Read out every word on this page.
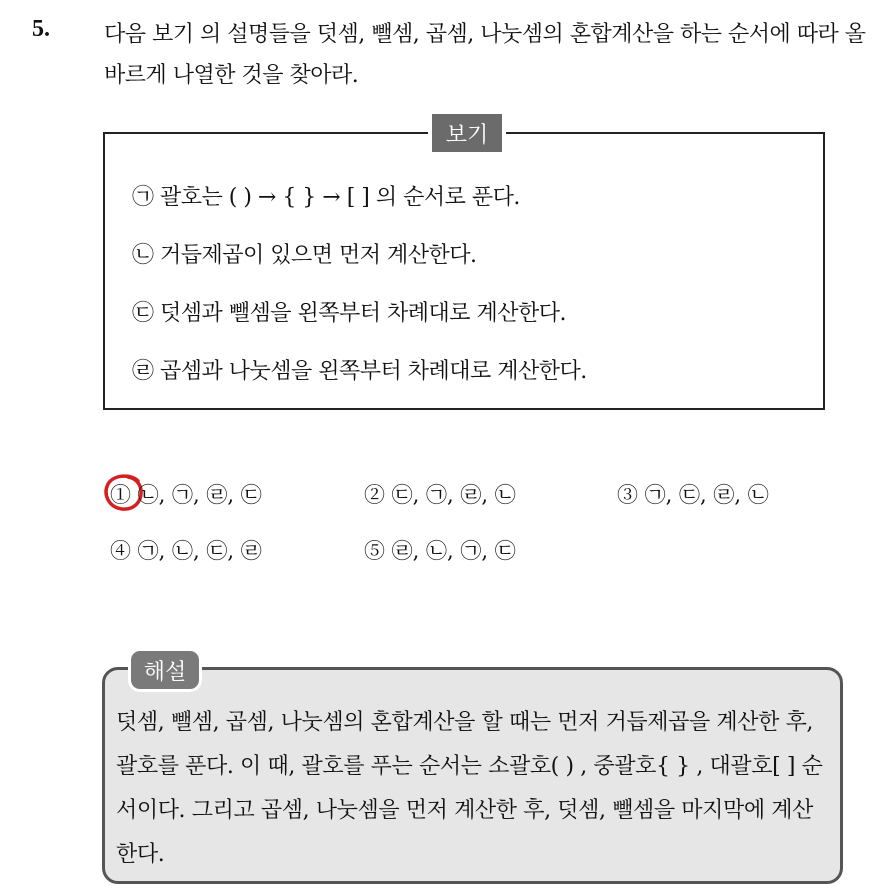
5. 다음 보기 의 설명들을 덧셈, 뺄셈, 곱셈, 나눗셈의 혼합계산을 하는 순서에 따라 올바르게 나열한 것을 찾아라.
보기
㉠ 괄호는 ( ) → { } → [ ] 의 순서로 푼다.
㉡ 거듭제곱이 있으면 먼저 계산한다.
㉢ 덧셈과 뺄셈을 왼쪽부터 차례대로 계산한다.
㉣ 곱셈과 나눗셈을 왼쪽부터 차례대로 계산한다.
① ㉡, ㉠, ㉣, ㉢	② ㉢, ㉠, ㉣, ㉡	③ ㉠, ㉢, ㉣, ㉡
④ ㉠, ㉡, ㉢, ㉣	⑤ ㉣, ㉡, ㉠, ㉢
해설
덧셈, 뺄셈, 곱셈, 나눗셈의 혼합계산을 할 때는 먼저 거듭제곱을 계산한 후, 괄호를 푼다. 이 때, 괄호를 푸는 순서는 소괄호( ) , 중괄호{ } , 대괄호[ ] 순서이다. 그리고 곱셈, 나눗셈을 먼저 계산한 후, 덧셈, 뺄셈을 마지막에 계산한다.
